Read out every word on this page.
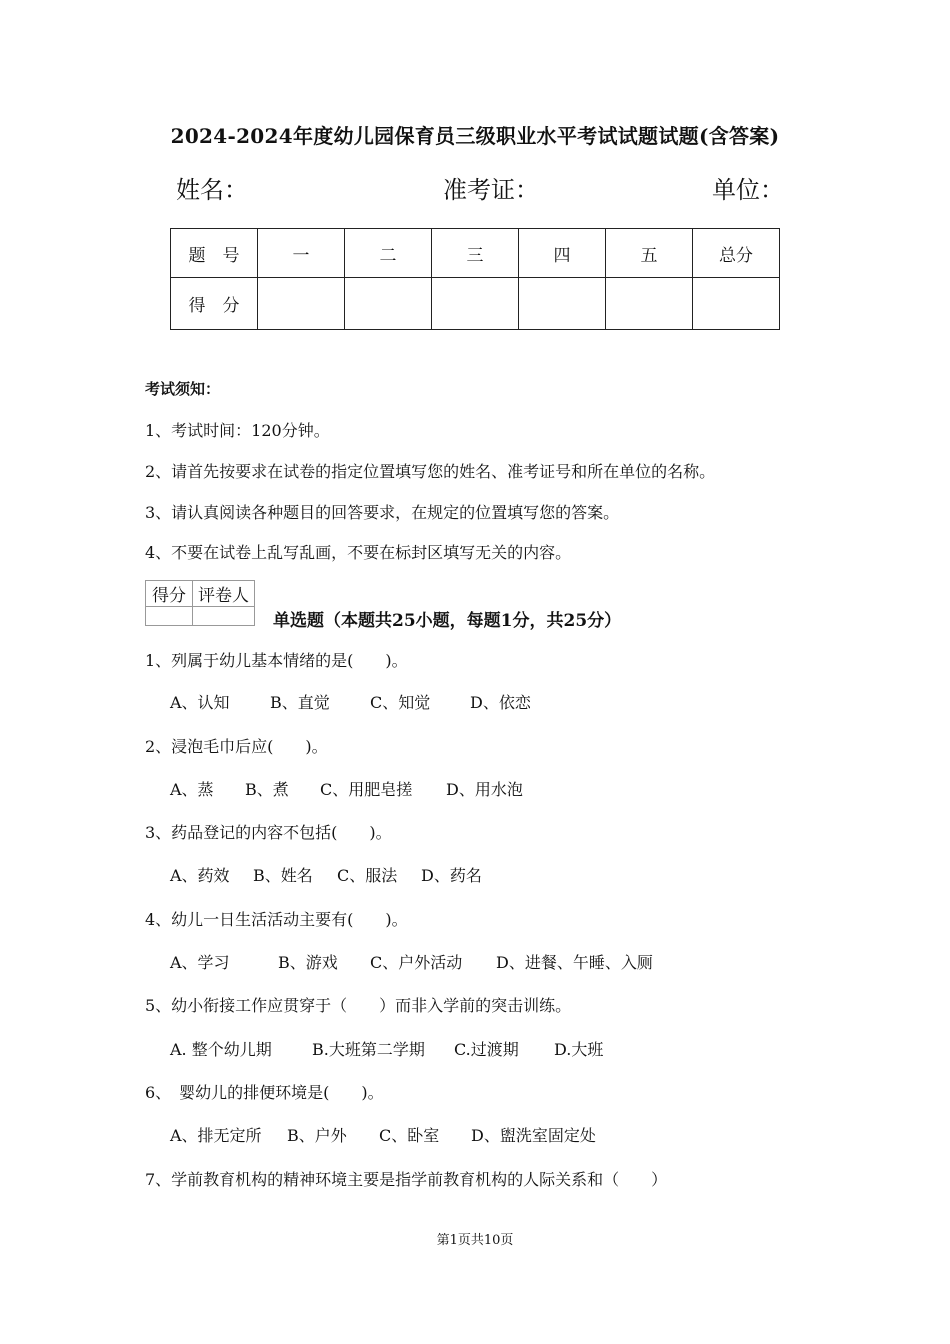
2024-2024年度幼儿园保育员三级职业水平考试试题试题(含答案)
姓名：	准考证：	单位：
题　号	一	二	三	四	五	总分
得　分						
考试须知：
1、考试时间：120分钟。
2、请首先按要求在试卷的指定位置填写您的姓名、准考证号和所在单位的名称。
3、请认真阅读各种题目的回答要求，在规定的位置填写您的答案。
4、不要在试卷上乱写乱画，不要在标封区填写无关的内容。
得分	评卷人

单选题（本题共25小题，每题1分，共25分）
1、列属于幼儿基本情绪的是(　　)。
A、认知	B、直觉	C、知觉 D、依恋
2、浸泡毛巾后应(　　)。
A、蒸 B、煮 C、用肥皂搓 D、用水泡
3、药品登记的内容不包括(　　)。
A、药效 B、姓名 C、服法 D、药名
4、幼儿一日生活活动主要有(　　)。
A、学习	B、游戏 C、户外活动 D、进餐、午睡、入厕
5、幼小衔接工作应贯穿于（　　）而非入学前的突击训练。
A. 整个幼儿期	B.大班第二学期 C.过渡期 D.大班
6、　婴幼儿的排便环境是(　　)。
A、排无定所 B、户外 C、卧室 D、盥洗室固定处
7、学前教育机构的精神环境主要是指学前教育机构的人际关系和（　　）
第1页共10页
